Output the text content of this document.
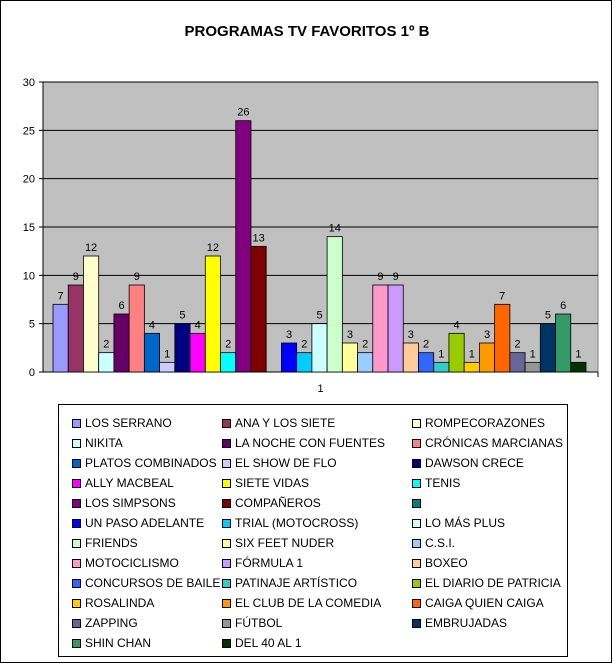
PROGRAMAS TV FAVORITOS 1º B
0
5
10
15
20
25
30
1
7
9
12
2
6
9
4
1
5
4
12
2
26
13
3
2
5
14
3
2
9 9
3
2
1
4
1
3
7
2
1
5
6
1
LOS SERRANO	ANA Y LOS SIETE	ROMPECORAZONES
NIKITA	LA NOCHE CON FUENTES	CRÓNICAS MARCIANAS
PLATOS COMBINADOS EL SHOW DE FLO	DAWSON CRECE
ALLY MACBEAL	SIETE VIDAS	TENIS
LOS SIMPSONS	COMPAÑEROS
UN PASO ADELANTE	TRIAL (MOTOCROSS)	LO MÁS PLUS
FRIENDS	SIX FEET NUDER	C.S.I.
MOTOCICLISMO	FÓRMULA 1	BOXEO
CONCURSOS DE BAILE PATINAJE ARTÍSTICO	EL DIARIO DE PATRICIA
ROSALINDA	EL CLUB DE LA COMEDIA	CAIGA QUIEN CAIGA
ZAPPING	FÚTBOL	EMBRUJADAS
SHIN CHAN	DEL 40 AL 1
